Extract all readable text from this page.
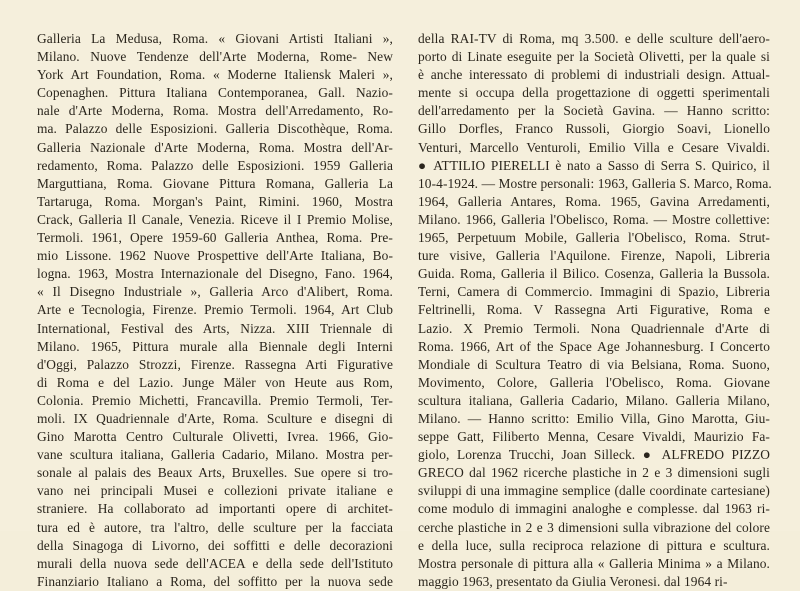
Galleria La Medusa, Roma. « Giovani Artisti Italiani »,
Milano. Nuove Tendenze dell'Arte Moderna, Rome- New
York Art Foundation, Roma. « Moderne Italiensk Maleri »,
Copenaghen. Pittura Italiana Contemporanea, Gall. Nazio-
nale d'Arte Moderna, Roma. Mostra dell'Arredamento, Ro-
ma. Palazzo delle Esposizioni. Galleria Discothèque, Roma.
Galleria Nazionale d'Arte Moderna, Roma. Mostra dell'Ar-
redamento, Roma. Palazzo delle Esposizioni. 1959 Galleria
Marguttiana, Roma. Giovane Pittura Romana, Galleria La
Tartaruga, Roma. Morgan's Paint, Rimini. 1960, Mostra
Crack, Galleria Il Canale, Venezia. Riceve il I Premio Molise,
Termoli. 1961, Opere 1959-60 Galleria Anthea, Roma. Pre-
mio Lissone. 1962 Nuove Prospettive dell'Arte Italiana, Bo-
logna. 1963, Mostra Internazionale del Disegno, Fano. 1964,
« Il Disegno Industriale », Galleria Arco d'Alibert, Roma.
Arte e Tecnologia, Firenze. Premio Termoli. 1964, Art Club
International, Festival des Arts, Nizza. XIII Triennale di
Milano. 1965, Pittura murale alla Biennale degli Interni
d'Oggi, Palazzo Strozzi, Firenze. Rassegna Arti Figurative
di Roma e del Lazio. Junge Mäler von Heute aus Rom,
Colonia. Premio Michetti, Francavilla. Premio Termoli, Ter-
moli. IX Quadriennale d'Arte, Roma. Sculture e disegni di
Gino Marotta Centro Culturale Olivetti, Ivrea. 1966, Gio-
vane scultura italiana, Galleria Cadario, Milano. Mostra per-
sonale al palais des Beaux Arts, Bruxelles. Sue opere si tro-
vano nei principali Musei e collezioni private italiane e
straniere. Ha collaborato ad importanti opere di architet-
tura ed è autore, tra l'altro, delle sculture per la facciata
della Sinagoga di Livorno, dei soffitti e delle decorazioni
murali della nuova sede dell'ACEA e della sede dell'Istituto
Finanziario Italiano a Roma, del soffitto per la nuova sede
della RAI-TV di Roma, mq 3.500. e delle sculture dell'aero-
porto di Linate eseguite per la Società Olivetti, per la quale si
è anche interessato di problemi di industriali design. Attual-
mente si occupa della progettazione di oggetti sperimentali
dell'arredamento per la Società Gavina. — Hanno scritto:
Gillo Dorfles, Franco Russoli, Giorgio Soavi, Lionello
Venturi, Marcello Venturoli, Emilio Villa e Cesare Vivaldi.
● ATTILIO PIERELLI è nato a Sasso di Serra S. Quirico, il
10-4-1924. — Mostre personali: 1963, Galleria S. Marco, Roma.
1964, Galleria Antares, Roma. 1965, Gavina Arredamenti,
Milano. 1966, Galleria l'Obelisco, Roma. — Mostre collettive:
1965, Perpetuum Mobile, Galleria l'Obelisco, Roma. Strut-
ture visive, Galleria l'Aquilone. Firenze, Napoli, Libreria
Guida. Roma, Galleria il Bilico. Cosenza, Galleria la Bussola.
Terni, Camera di Commercio. Immagini di Spazio, Libreria
Feltrinelli, Roma. V Rassegna Arti Figurative, Roma e
Lazio. X Premio Termoli. Nona Quadriennale d'Arte di
Roma. 1966, Art of the Space Age Johannesburg. I Concerto
Mondiale di Scultura Teatro di via Belsiana, Roma. Suono,
Movimento, Colore, Galleria l'Obelisco, Roma. Giovane
scultura italiana, Galleria Cadario, Milano. Galleria Milano,
Milano. — Hanno scritto: Emilio Villa, Gino Marotta, Giu-
seppe Gatt, Filiberto Menna, Cesare Vivaldi, Maurizio Fa-
giolo, Lorenza Trucchi, Joan Silleck. ● ALFREDO PIZZO
GRECO dal 1962 ricerche plastiche in 2 e 3 dimensioni sugli
sviluppi di una immagine semplice (dalle coordinate cartesiane)
come modulo di immagini analoghe e complesse. dal 1963 ri-
cerche plastiche in 2 e 3 dimensioni sulla vibrazione del colore
e della luce, sulla reciproca relazione di pittura e scultura.
Mostra personale di pittura alla « Galleria Minima » a Milano.
maggio 1963, presentato da Giulia Veronesi. dal 1964 ri-
